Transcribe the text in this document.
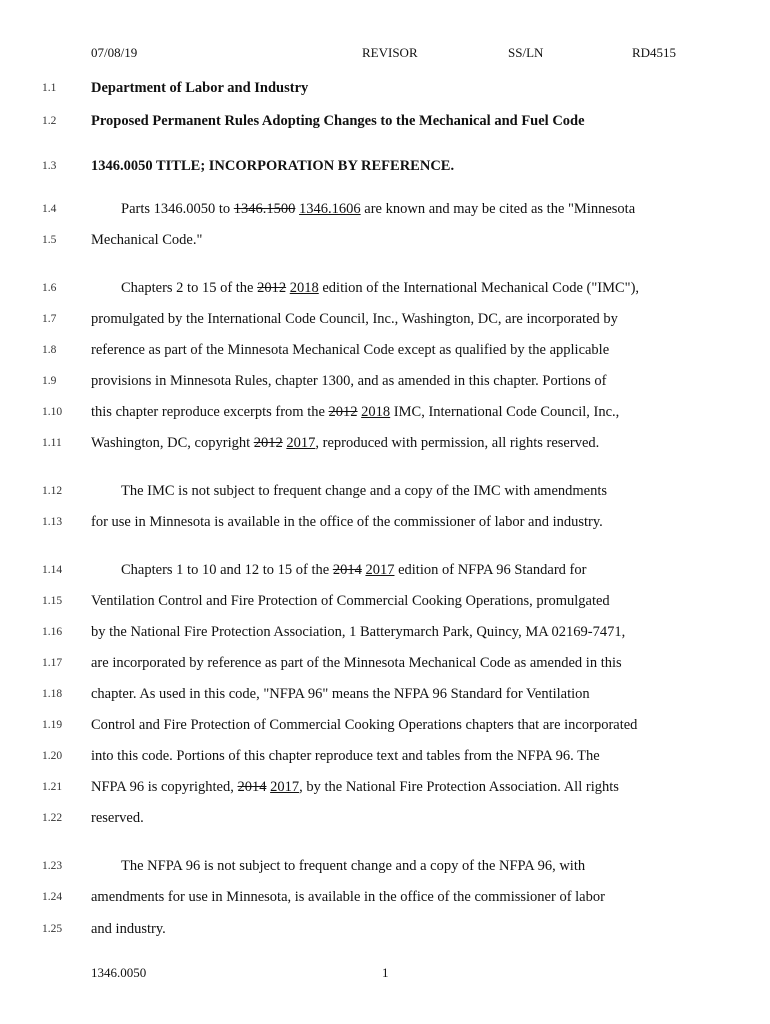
07/08/19	REVISOR	SS/LN	RD4515
1.1 Department of Labor and Industry
1.2 Proposed Permanent Rules Adopting Changes to the Mechanical and Fuel Code
1.3 1346.0050 TITLE; INCORPORATION BY REFERENCE.
1.4	Parts 1346.0050 to 1346.1500 1346.1606 are known and may be cited as the "Minnesota
1.5 Mechanical Code."
1.6	Chapters 2 to 15 of the 2012 2018 edition of the International Mechanical Code ("IMC"),
1.7 promulgated by the International Code Council, Inc., Washington, DC, are incorporated by
1.8 reference as part of the Minnesota Mechanical Code except as qualified by the applicable
1.9 provisions in Minnesota Rules, chapter 1300, and as amended in this chapter. Portions of
1.10 this chapter reproduce excerpts from the 2012 2018 IMC, International Code Council, Inc.,
1.11 Washington, DC, copyright 2012 2017, reproduced with permission, all rights reserved.
1.12	The IMC is not subject to frequent change and a copy of the IMC with amendments
1.13 for use in Minnesota is available in the office of the commissioner of labor and industry.
1.14	Chapters 1 to 10 and 12 to 15 of the 2014 2017 edition of NFPA 96 Standard for
1.15 Ventilation Control and Fire Protection of Commercial Cooking Operations, promulgated
1.16 by the National Fire Protection Association, 1 Batterymarch Park, Quincy, MA 02169-7471,
1.17 are incorporated by reference as part of the Minnesota Mechanical Code as amended in this
1.18 chapter. As used in this code, "NFPA 96" means the NFPA 96 Standard for Ventilation
1.19 Control and Fire Protection of Commercial Cooking Operations chapters that are incorporated
1.20 into this code. Portions of this chapter reproduce text and tables from the NFPA 96. The
1.21 NFPA 96 is copyrighted, 2014 2017, by the National Fire Protection Association. All rights
1.22 reserved.
1.23	The NFPA 96 is not subject to frequent change and a copy of the NFPA 96, with
1.24 amendments for use in Minnesota, is available in the office of the commissioner of labor
1.25 and industry.
1346.0050	1
